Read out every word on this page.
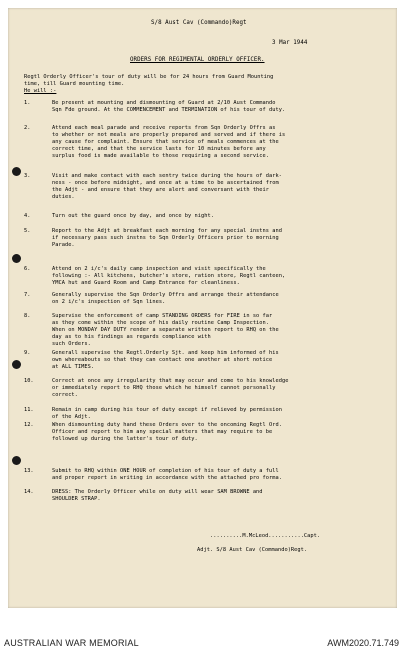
S/8 Aust Cav (Commando)Regt
3 Mar 1944
ORDERS FOR REGIMENTAL ORDERLY OFFICER.
Regtl Orderly Officer's tour of duty will be for 24 hours from Guard Mounting
time, till Guard mounting time.
He will :-
1.	Be present at mounting and dismounting of Guard at 2/10 Aust Commando
Sqn Fde ground. At the COMMENCEMENT and TERMINATION of his tour of duty.
2.	Attend each meal parade and receive reports from Sqn Orderly Offrs as
to whether or not meals are properly prepared and served and if there is
any cause for complaint. Ensure that service of meals commences at the
correct time, and that the service lasts for 10 minutes before any
surplus food is made available to those requiring a second service.
3.	Visit and make contact with each sentry twice during the hours of dark-
ness - once before midnight, and once at a time to be ascertained from
the Adjt - and ensure that they are alert and conversant with their
duties.
4.	Turn out the guard once by day, and once by night.
5.	Report to the Adjt at breakfast each morning for any special instns and
if necessary pass such instns to Sqn Orderly Officers prior to morning
Parade.
6.	Attend on 2 i/c's daily camp inspection and visit specifically the
following :- All kitchens, butcher's store, ration store, Regtl canteen,
YMCA hut and Guard Room and Camp Entrance for cleanliness.
7.	Generally supervise the Sqn Orderly Offrs and arrange their attendance
on 2 i/c's inspection of Sqn lines.
8.	Supervise the enforcement of camp STANDING ORDERS for FIRE in so far
as they come within the scope of his daily routine Camp Inspection.
When on MONDAY DAY DUTY render a separate written report to RHQ on the
day as to his findings as regards compliance with
such Orders.
9.	Generall supervise the Regtl.Orderly Sjt. and keep him informed of his
own whereabouts so that they can contact one another at short notice
at ALL TIMES.
10.	Correct at once any irregularity that may occur and come to his knowledge
or immediately report to RHQ those which he himself cannot personally
correct.
11.	Remain in camp during his tour of duty except if relieved by permission
of the Adjt.
12.	When dismounting duty hand these Orders over to the oncoming Regtl Ord.
Officer and report to him any special matters that may require to be
followed up during the latter's tour of duty.
13.	Submit to RHQ within ONE HOUR of completion of his tour of duty a full
and proper report in writing in accordance with the attached pro forma.
14.	DRESS: The Orderly Officer while on duty will wear SAM BROWNE and
SHOULDER STRAP.
..........M.McLeod...........Capt.
Adjt. S/8 Aust Cav (Commando)Regt.
AUSTRALIAN WAR MEMORIAL	AWM2020.71.749
